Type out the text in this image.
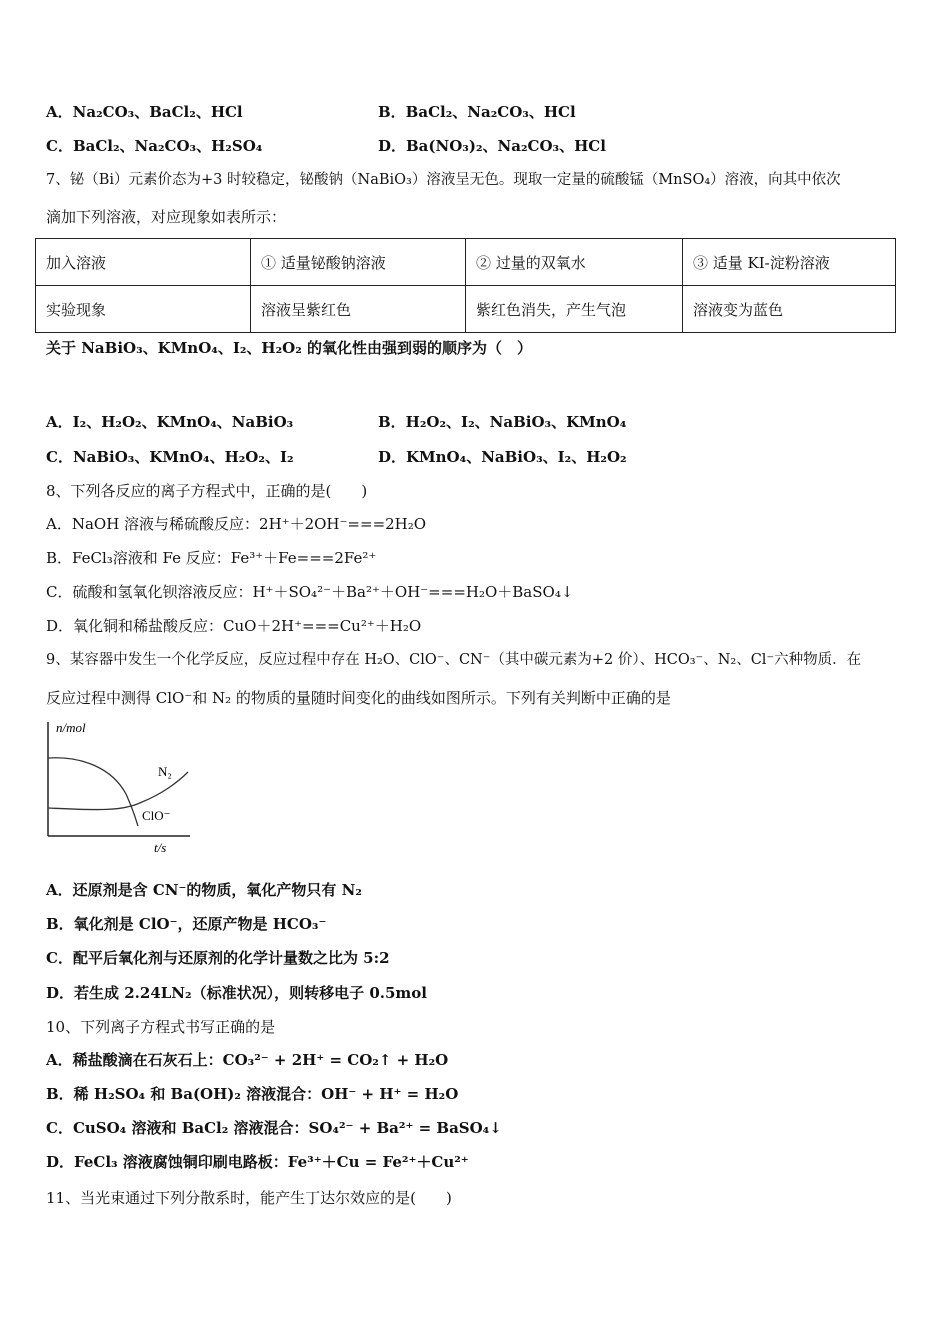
A．Na₂CO₃、BaCl₂、HCl	B．BaCl₂、Na₂CO₃、HCl
C．BaCl₂、Na₂CO₃、H₂SO₄	D．Ba(NO₃)₂、Na₂CO₃、HCl
7、铋（Bi）元素价态为+3 时较稳定，铋酸钠（NaBiO₃）溶液呈无色。现取一定量的硫酸锰（MnSO₄）溶液，向其中依次
滴加下列溶液，对应现象如表所示：
加入溶液	① 适量铋酸钠溶液	② 过量的双氧水	③ 适量 KI-淀粉溶液
实验现象	溶液呈紫红色	紫红色消失，产生气泡	溶液变为蓝色
关于 NaBiO₃、KMnO₄、I₂、H₂O₂ 的氧化性由强到弱的顺序为（　）
A．I₂、H₂O₂、KMnO₄、NaBiO₃	B．H₂O₂、I₂、NaBiO₃、KMnO₄
C．NaBiO₃、KMnO₄、H₂O₂、I₂	D．KMnO₄、NaBiO₃、I₂、H₂O₂
8、下列各反应的离子方程式中，正确的是(　　)
A．NaOH 溶液与稀硫酸反应：2H⁺＋2OH⁻===2H₂O
B．FeCl₃溶液和 Fe 反应：Fe³⁺＋Fe===2Fe²⁺
C．硫酸和氢氧化钡溶液反应：H⁺＋SO₄²⁻＋Ba²⁺＋OH⁻===H₂O＋BaSO₄↓
D．氧化铜和稀盐酸反应：CuO＋2H⁺===Cu²⁺＋H₂O
9、某容器中发生一个化学反应，反应过程中存在 H₂O、ClO⁻、CN⁻（其中碳元素为+2 价）、HCO₃⁻、N₂、Cl⁻六种物质．在
反应过程中测得 ClO⁻和 N₂ 的物质的量随时间变化的曲线如图所示。下列有关判断中正确的是
n/mol
N₂
ClO⁻
t/s
A．还原剂是含 CN⁻的物质，氧化产物只有 N₂
B．氧化剂是 ClO⁻，还原产物是 HCO₃⁻
C．配平后氧化剂与还原剂的化学计量数之比为 5:2
D．若生成 2.24LN₂（标准状况），则转移电子 0.5mol
10、下列离子方程式书写正确的是
A．稀盐酸滴在石灰石上：CO₃²⁻ + 2H⁺ = CO₂↑ + H₂O
B．稀 H₂SO₄ 和 Ba(OH)₂ 溶液混合：OH⁻ + H⁺ = H₂O
C．CuSO₄ 溶液和 BaCl₂ 溶液混合：SO₄²⁻ + Ba²⁺ = BaSO₄↓
D．FeCl₃ 溶液腐蚀铜印刷电路板：Fe³⁺＋Cu = Fe²⁺＋Cu²⁺
11、当光束通过下列分散系时，能产生丁达尔效应的是(　　)
